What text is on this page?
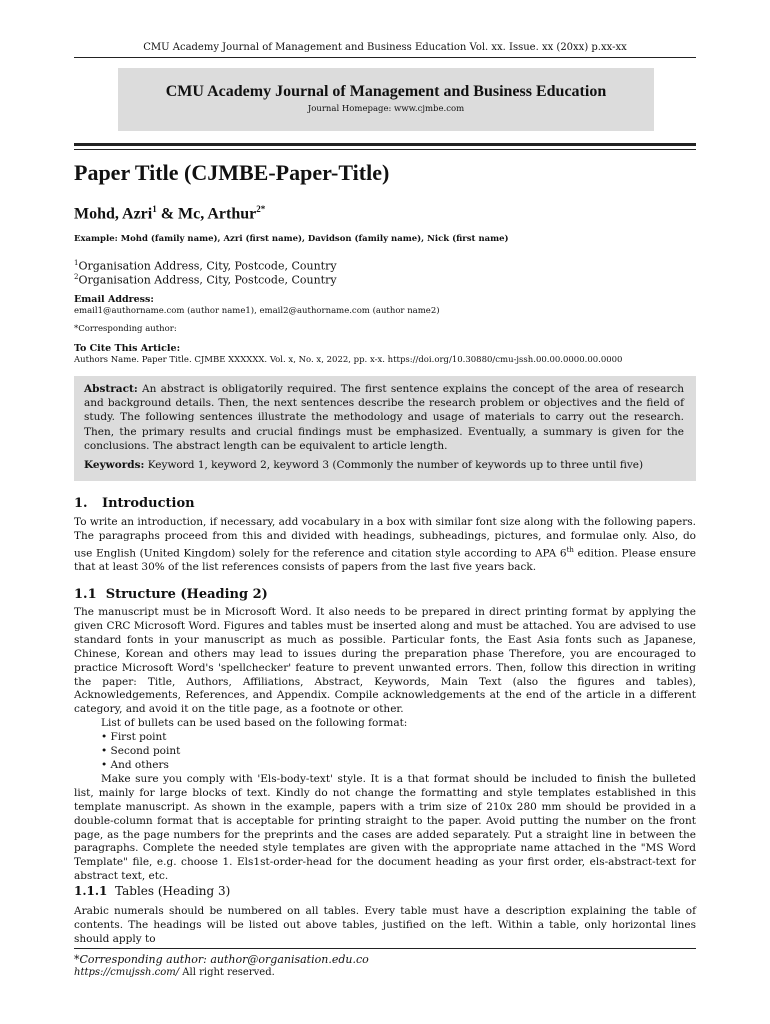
CMU Academy Journal of Management and Business Education Vol. xx. Issue. xx (20xx) p.xx-xx
CMU Academy Journal of Management and Business Education
Journal Homepage: www.cjmbe.com
Paper Title (CJMBE-Paper-Title)
Mohd, Azri$^1$ & Mc, Arthur$^{2*}$
Example: Mohd (family name), Azri (first name), Davidson (family name), Nick (first name)
$^1$Organisation Address, City, Postcode, Country
$^2$Organisation Address, City, Postcode, Country
Email Address:
email1@authorname.com (author name1), email2@authorname.com (author name2)
*Corresponding author:
To Cite This Article:
Authors Name. Paper Title. CJMBE XXXXXX. Vol. x, No. x, 2022, pp. x-x. https://doi.org/10.30880/cmu-jssh.00.00.0000.00.0000
Abstract: An abstract is obligatorily required. The first sentence explains the concept of the area of research and background details. Then, the next sentences describe the research problem or objectives and the field of study. The following sentences illustrate the methodology and usage of materials to carry out the research. Then, the primary results and crucial findings must be emphasized. Eventually, a summary is given for the conclusions. The abstract length can be equivalent to article length.
Keywords: Keyword 1, keyword 2, keyword 3 (Commonly the number of keywords up to three until five)
1. Introduction
To write an introduction, if necessary, add vocabulary in a box with similar font size along with the following papers. The paragraphs proceed from this and divided with headings, subheadings, pictures, and formulae only. Also, do use English (United Kingdom) solely for the reference and citation style according to APA 6th edition. Please ensure that at least 30% of the list references consists of papers from the last five years back.
1.1 Structure (Heading 2)

The manuscript must be in Microsoft Word. It also needs to be prepared in direct printing format by applying the given CRC Microsoft Word. Figures and tables must be inserted along and must be attached. You are advised to use standard fonts in your manuscript as much as possible. Particular fonts, the East Asia fonts such as Japanese, Chinese, Korean and others may lead to issues during the preparation phase Therefore, you are encouraged to practice Microsoft Word's 'spellchecker' feature to prevent unwanted errors. Then, follow this direction in writing the paper: Title, Authors, Affiliations, Abstract, Keywords, Main Text (also the figures and tables), Acknowledgements, References, and Appendix. Compile acknowledgements at the end of the article in a different category, and avoid it on the title page, as a footnote or other.

List of bullets can be used based on the following format:

• First point

• Second point

• And others

Make sure you comply with 'Els-body-text' style. It is a that format should be included to finish the bulleted list, mainly for large blocks of text. Kindly do not change the formatting and style templates established in this template manuscript. As shown in the example, papers with a trim size of 210x 280 mm should be provided in a double-column format that is acceptable for printing straight to the paper. Avoid putting the number on the front page, as the page numbers for the preprints and the cases are added separately. Put a straight line in between the paragraphs. Complete the needed style templates are given with the appropriate name attached in the "MS Word Template" file, e.g. choose 1. Els1st-order-head for the document heading as your first order, els-abstract-text for abstract text, etc.

1.1.1 Tables (Heading 3)
Arabic numerals should be numbered on all tables. Every table must have a description explaining the table of contents. The headings will be listed out above tables, justified on the left. Within a table, only horizontal lines should apply to
*Corresponding author: author@organisation.edu.co
https://cmujssh.com/ All right reserved.
